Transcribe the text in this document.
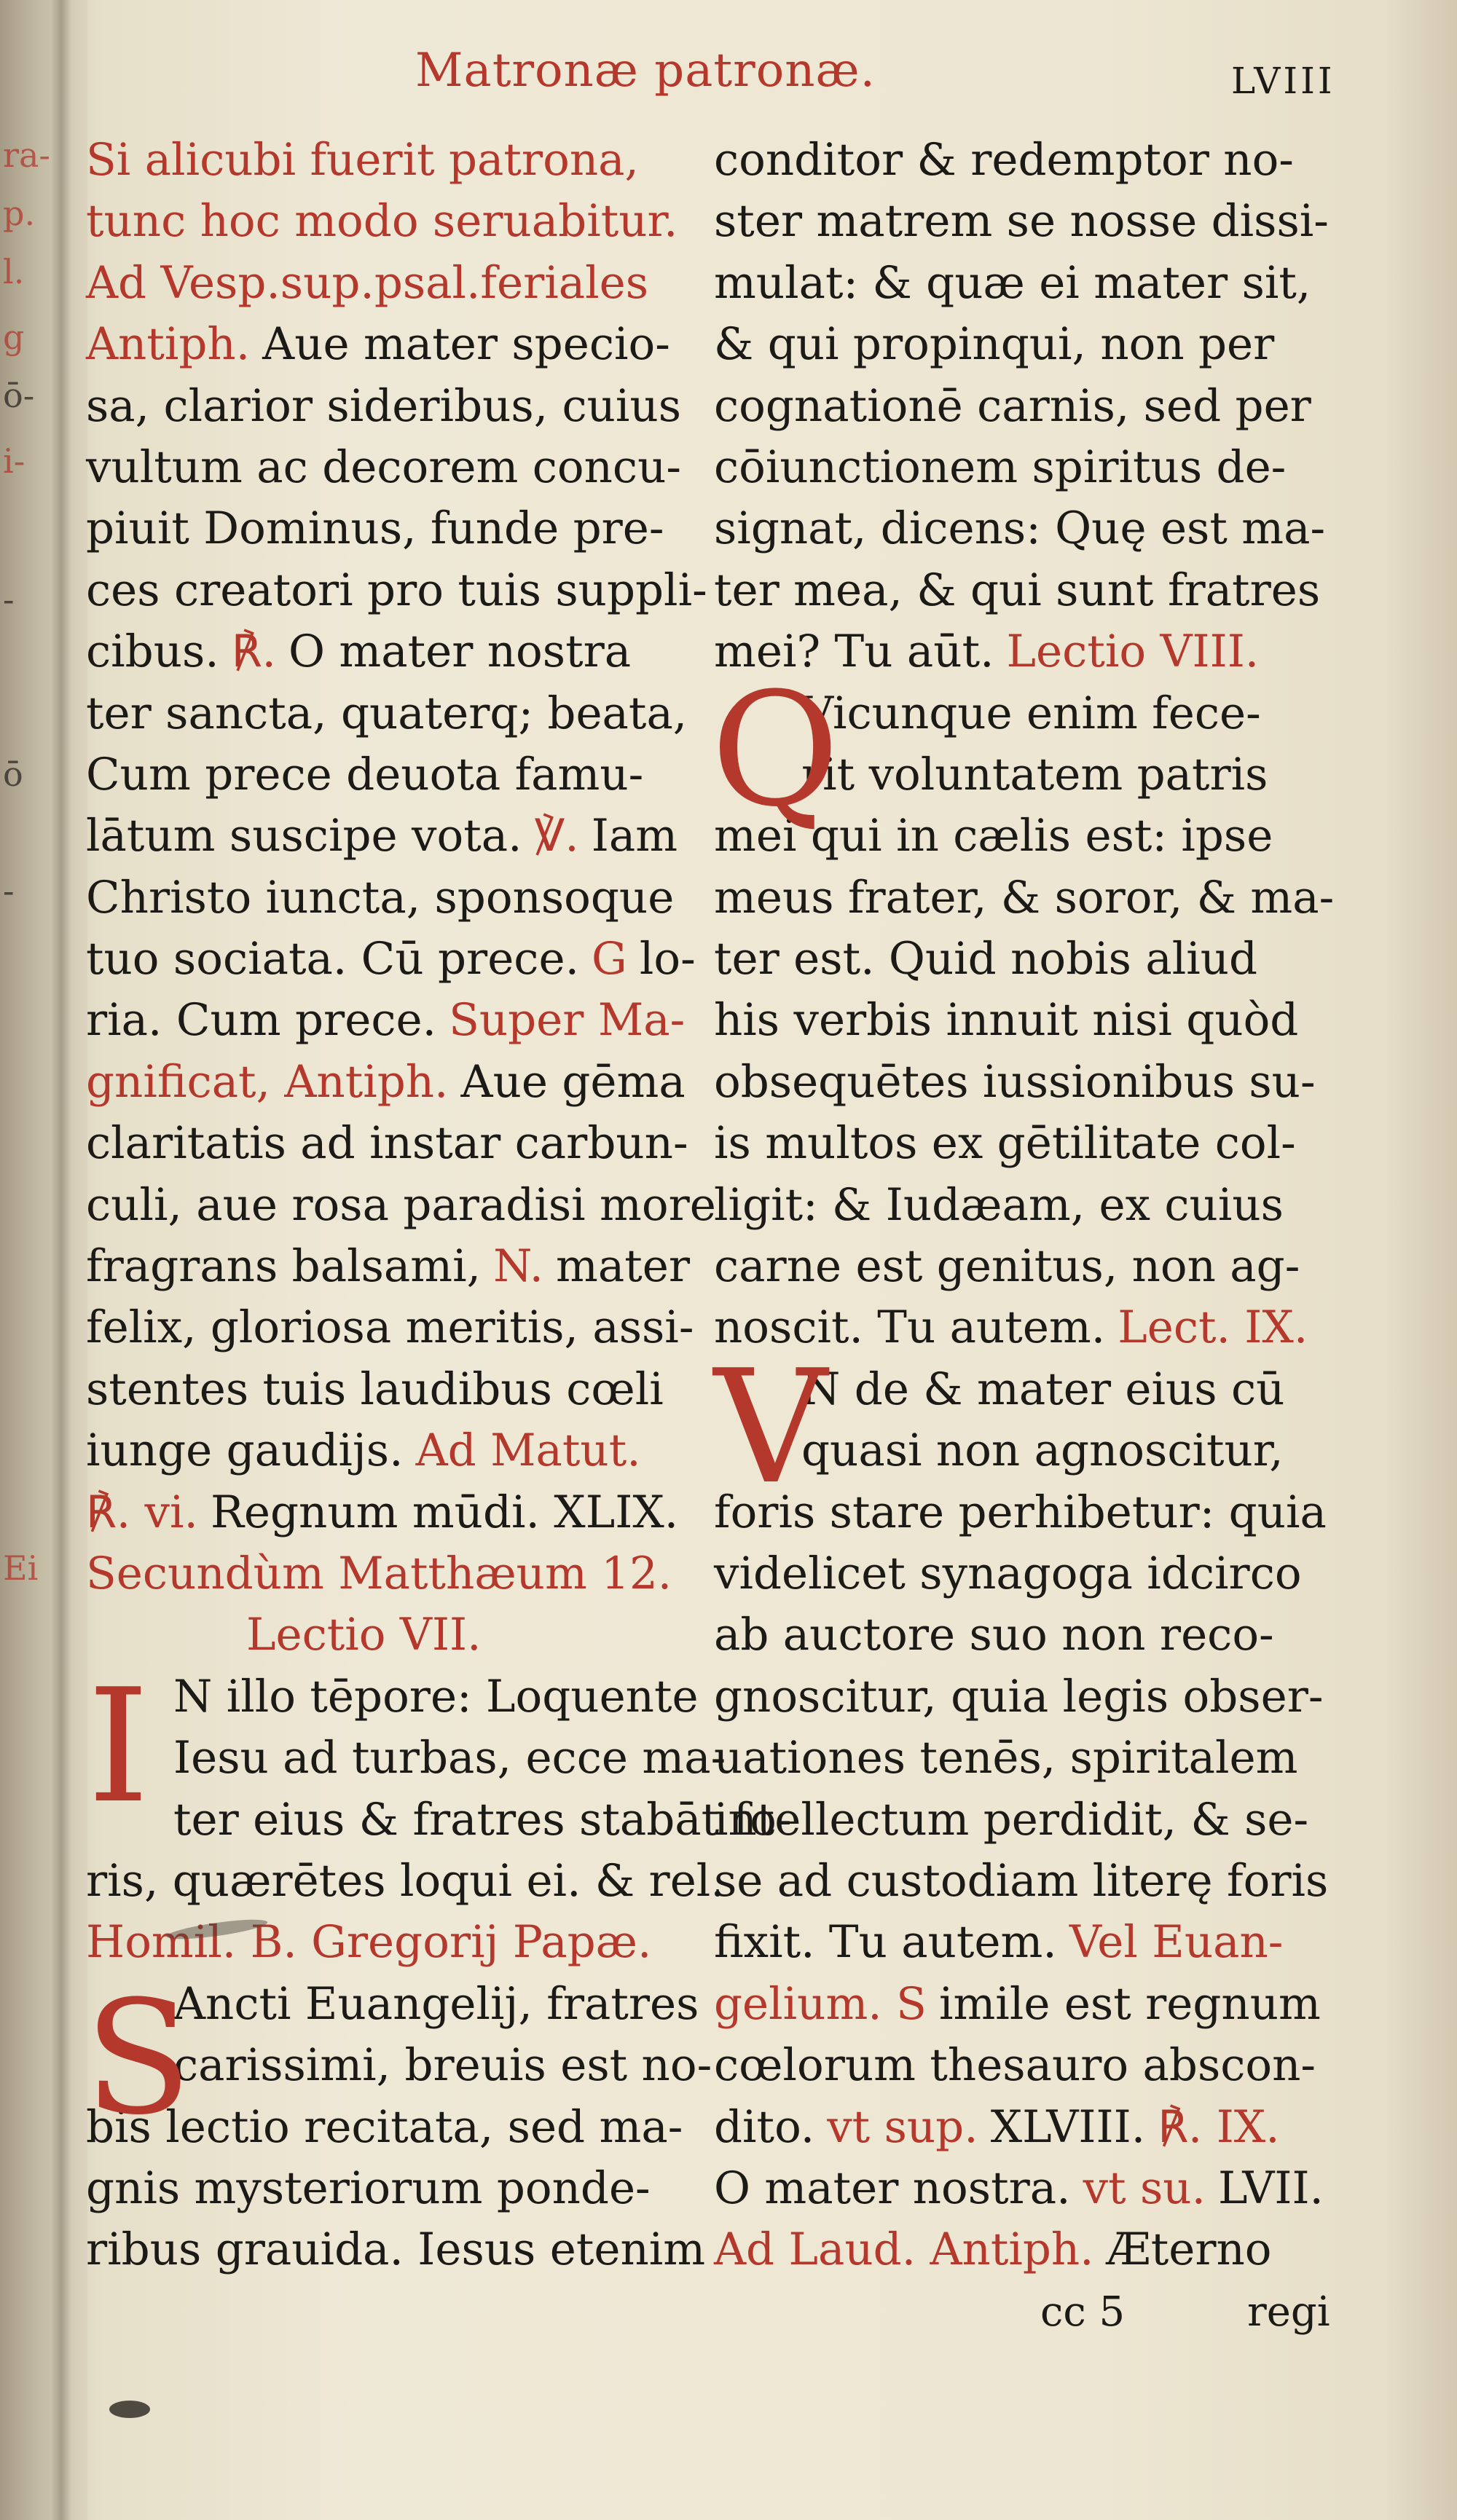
ra-
p.
l.
g
ō-
i-
-
ō
-
Ei
Matronæ patronæ.	LVIII
Si alicubi fuerit patrona,
tunc hoc modo seruabitur.
Ad Vesp.sup.psal.feriales
Antiph. Aue mater specio-
sa, clarior sideribus, cuius
vultum ac decorem concu-
piuit Dominus, funde pre-
ces creatori pro tuis suppli-
cibus. ℟. O mater nostra
ter sancta, quaterq; beata,
Cum prece deuota famu-
lātum suscipe vota. ℣. Iam
Christo iuncta, sponsoque
tuo sociata. Cū prece. G lo-
ria. Cum prece. Super Ma-
gnificat, Antiph. Aue gēma
claritatis ad instar carbun-
culi, aue rosa paradisi more
fragrans balsami, N. mater
felix, gloriosa meritis, assi-
stentes tuis laudibus cœli
iunge gaudijs. Ad Matut.
℟. vi. Regnum mūdi. XLIX.
Secundùm Matthæum 12.
Lectio VII.
N illo tēpore: Loquente
Iesu ad turbas, ecce ma-
ter eius & fratres stabāt fo-
ris, quærētes loqui ei. & rel.
Homil. B. Gregorij Papæ.
Ancti Euangelij, fratres
carissimi, breuis est no-
bis lectio recitata, sed ma-
gnis mysteriorum ponde-
ribus grauida. Iesus etenim
conditor & redemptor no-
ster matrem se nosse dissi-
mulat: & quæ ei mater sit,
& qui propinqui, non per
cognationē carnis, sed per
cōiunctionem spiritus de-
signat, dicens: Quę est ma-
ter mea, & qui sunt fratres
mei? Tu aūt. Lectio VIII.
Vicunque enim fece-
rit voluntatem patris
mei qui in cælis est: ipse
meus frater, & soror, & ma-
ter est. Quid nobis aliud
his verbis innuit nisi quòd
obsequētes iussionibus su-
is multos ex gētilitate col-
ligit: & Iudæam, ex cuius
carne est genitus, non ag-
noscit. Tu autem. Lect. IX.
N de & mater eius cū
quasi non agnoscitur,
foris stare perhibetur: quia
videlicet synagoga idcirco
ab auctore suo non reco-
gnoscitur, quia legis obser-
uationes tenēs, spiritalem
intellectum perdidit, & se-
se ad custodiam literę foris
fixit. Tu autem. Vel Euan-
gelium. S imile est regnum
cœlorum thesauro abscon-
dito. vt sup. XLVIII. ℟. IX.
O mater nostra. vt su. LVII.
Ad Laud. Antiph. Æterno
I
S
Q
V
cc 5	regi
